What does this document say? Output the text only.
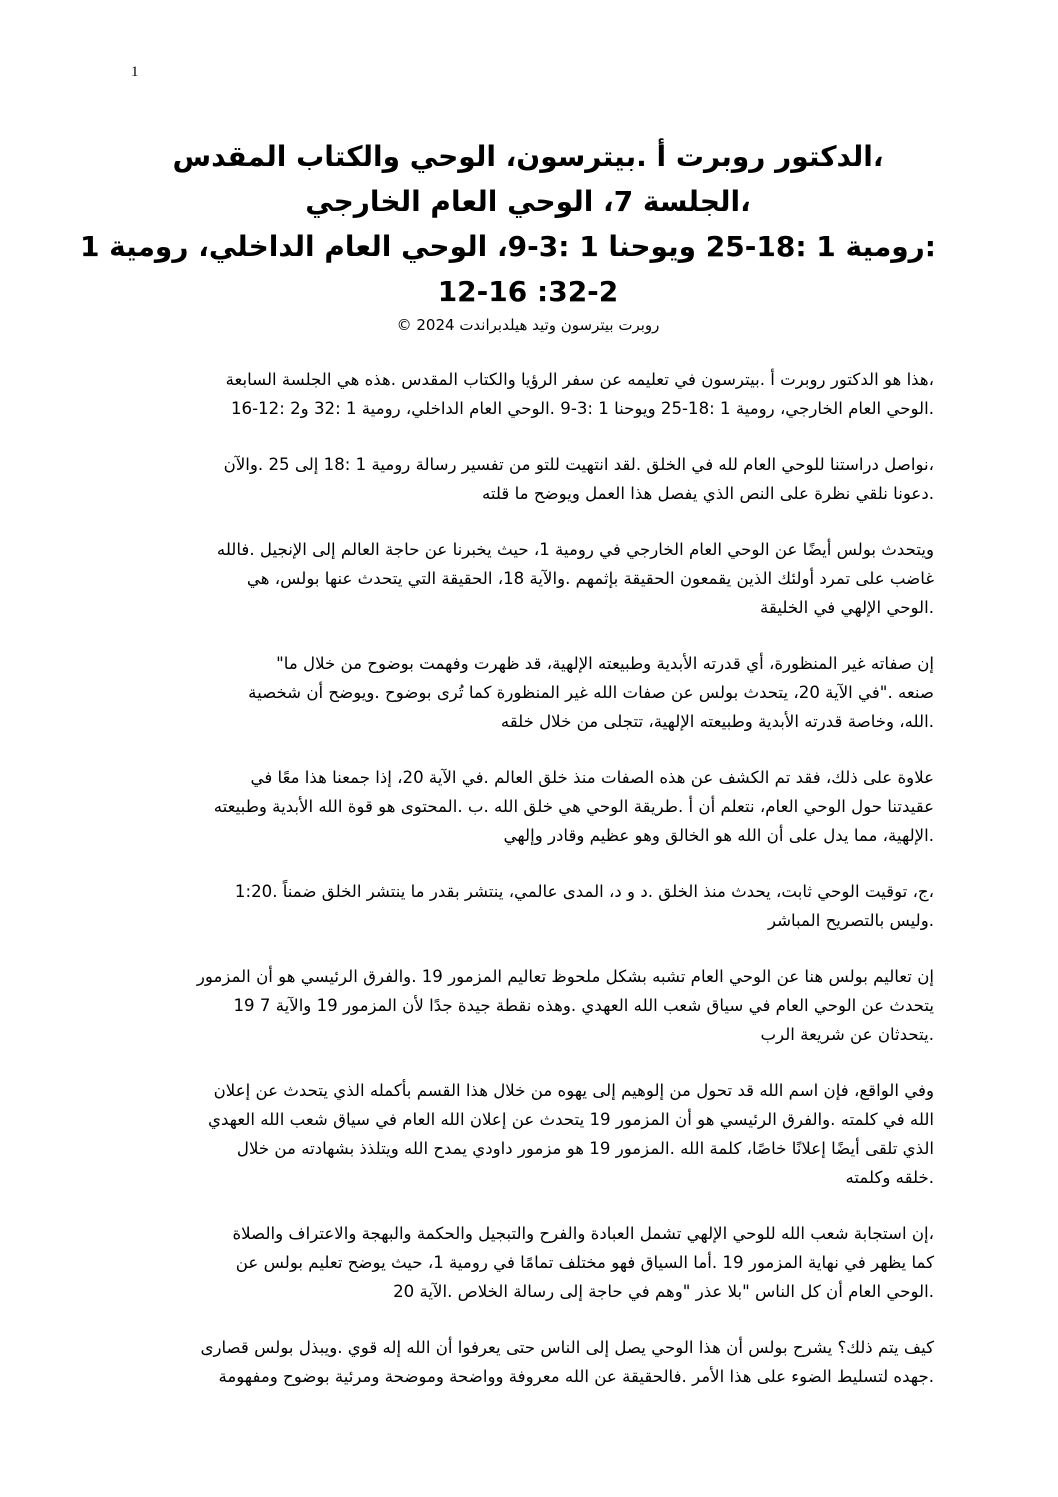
1
،الدكتور روبرت أ .بيترسون، الوحي والكتاب المقدس
،الجلسة 7، الوحي العام الخارجي
:رومية 1 :18-25 ويوحنا 1 :3-9، الوحي العام الداخلي، رومية 1
32-2: 12-16
روبرت بيترسون وتيد هيلدبراندت 2024 ©

،هذا هو الدكتور روبرت أ .بيترسون في تعليمه عن سفر الرؤيا والكتاب المقدس .هذه هي الجلسة السابعة
.الوحي العام الخارجي، رومية 1 :18-25 ويوحنا 1 :3-9 .الوحي العام الداخلي، رومية 1 :32 و2 :12-16

،نواصل دراستنا للوحي العام لله في الخلق .لقد انتهيت للتو من تفسير رسالة رومية 1 :18 إلى 25 .والآن
.دعونا نلقي نظرة على النص الذي يفصل هذا العمل ويوضح ما قلته

ويتحدث بولس أيضًا عن الوحي العام الخارجي في رومية 1، حيث يخبرنا عن حاجة العالم إلى الإنجيل .فالله
غاضب على تمرد أولئك الذين يقمعون الحقيقة بإثمهم .والآية 18، الحقيقة التي يتحدث عنها بولس، هي
.الوحي الإلهي في الخليقة

إن صفاته غير المنظورة، أي قدرته الأبدية وطبيعته الإلهية، قد ظهرت وفهمت بوضوح من خلال ما"
صنعه ."في الآية 20، يتحدث بولس عن صفات الله غير المنظورة كما تُرى بوضوح .ويوضح أن شخصية
.الله، وخاصة قدرته الأبدية وطبيعته الإلهية، تتجلى من خلال خلقه

علاوة على ذلك، فقد تم الكشف عن هذه الصفات منذ خلق العالم .في الآية 20، إذا جمعنا هذا معًا في
عقيدتنا حول الوحي العام، نتعلم أن أ .طريقة الوحي هي خلق الله .ب .المحتوى هو قوة الله الأبدية وطبيعته
.الإلهية، مما يدل على أن الله هو الخالق وهو عظيم وقادر وإلهي

،ج، توقيت الوحي ثابت، يحدث منذ الخلق .د و د، المدى عالمي، ينتشر بقدر ما ينتشر الخلق ضمناً .1:20
.وليس بالتصريح المباشر

إن تعاليم بولس هنا عن الوحي العام تشبه بشكل ملحوظ تعاليم المزمور 19 .والفرق الرئيسي هو أن المزمور
يتحدث عن الوحي العام في سياق شعب الله العهدي .وهذه نقطة جيدة جدًا لأن المزمور 19 والآية 7 19
.يتحدثان عن شريعة الرب

وفي الواقع، فإن اسم الله قد تحول من إلوهيم إلى يهوه من خلال هذا القسم بأكمله الذي يتحدث عن إعلان
الله في كلمته .والفرق الرئيسي هو أن المزمور 19 يتحدث عن إعلان الله العام في سياق شعب الله العهدي
الذي تلقى أيضًا إعلانًا خاصًا، كلمة الله .المزمور 19 هو مزمور داودي يمدح الله ويتلذذ بشهادته من خلال
.خلقه وكلمته

،إن استجابة شعب الله للوحي الإلهي تشمل العبادة والفرح والتبجيل والحكمة والبهجة والاعتراف والصلاة
كما يظهر في نهاية المزمور 19 .أما السياق فهو مختلف تمامًا في رومية 1، حيث يوضح تعليم بولس عن
.الوحي العام أن كل الناس "بلا عذر "وهم في حاجة إلى رسالة الخلاص .الآية 20

كيف يتم ذلك؟ يشرح بولس أن هذا الوحي يصل إلى الناس حتى يعرفوا أن الله إله قوي .ويبذل بولس قصارى
.جهده لتسليط الضوء على هذا الأمر .فالحقيقة عن الله معروفة وواضحة وموضحة ومرئية بوضوح ومفهومة
